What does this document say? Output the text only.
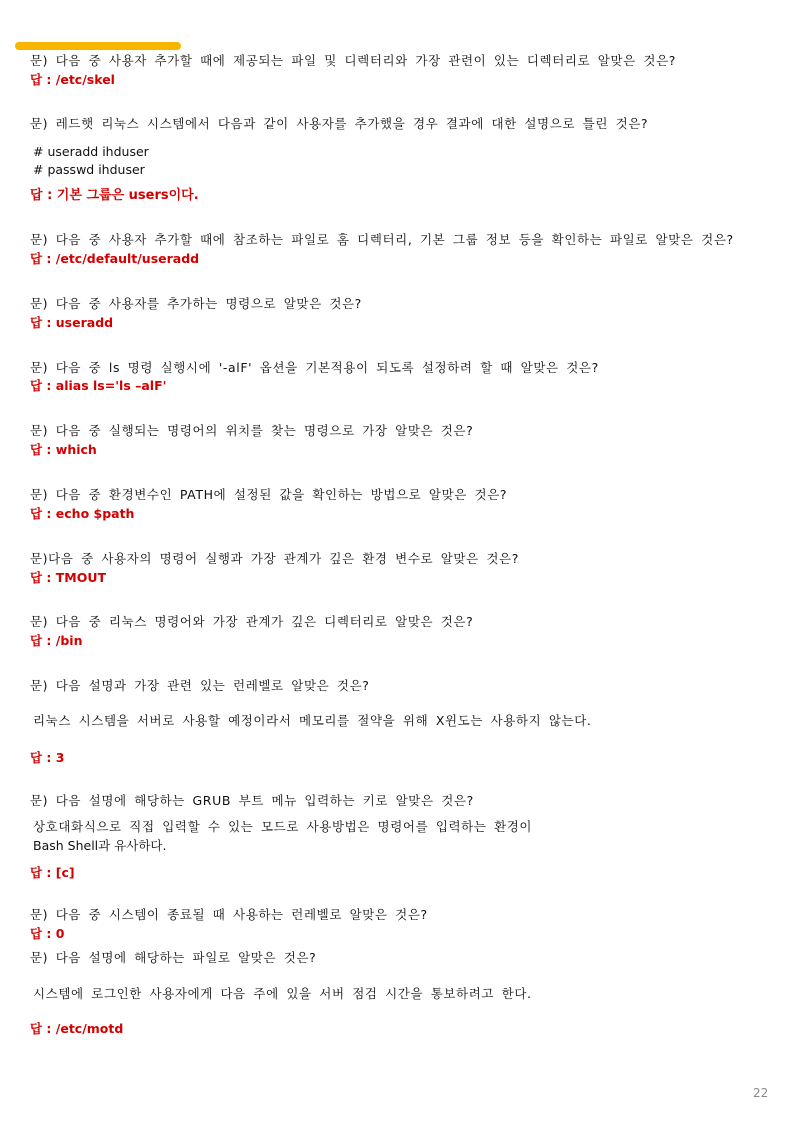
문) 다음 중 사용자 추가할 때에 제공되는 파일 및 디렉터리와 가장 관련이 있는 디렉터리로 알맞은 것은?
답 : /etc/skel
문) 레드햇 리눅스 시스템에서 다음과 같이 사용자를 추가했을 경우 결과에 대한 설명으로 틀린 것은?
# useradd ihduser
# passwd ihduser
답 : 기본 그룹은 users이다.
문) 다음 중 사용자 추가할 때에 참조하는 파일로 홈 디렉터리, 기본 그룹 정보 등을 확인하는 파일로 알맞은 것은?
답 : /etc/default/useradd
문) 다음 중 사용자를 추가하는 명령으로 알맞은 것은?
답 : useradd
문) 다음 중 ls 명령 실행시에 '-alF' 옵션을 기본적용이 되도록 설정하려 할 때 알맞은 것은?
답 : alias ls='ls –alF'
문) 다음 중 실행되는 명령어의 위치를 찾는 명령으로 가장 알맞은 것은?
답 : which
문) 다음 중 환경변수인 PATH에 설정된 값을 확인하는 방법으로 알맞은 것은?
답 : echo $path
문)다음 중 사용자의 명령어 실행과 가장 관계가 깊은 환경 변수로 알맞은 것은?
답 : TMOUT
문) 다음 중 리눅스 명령어와 가장 관계가 깊은 디렉터리로 알맞은 것은?
답 : /bin
문) 다음 설명과 가장 관련 있는 런레벨로 알맞은 것은?
리눅스 시스템을 서버로 사용할 예정이라서 메모리를 절약을 위해 X윈도는 사용하지 않는다.
답 : 3
문) 다음 설명에 해당하는 GRUB 부트 메뉴 입력하는 키로 알맞은 것은?
상호대화식으로 직접 입력할 수 있는 모드로 사용방법은 명령어를 입력하는 환경이
Bash Shell과 유사하다.
답 : [c]
문) 다음 중 시스템이 종료될 때 사용하는 런레벨로 알맞은 것은?
답 : 0
문) 다음 설명에 해당하는 파일로 알맞은 것은?
시스템에 로그인한 사용자에게 다음 주에 있을 서버 점검 시간을 통보하려고 한다.
답 : /etc/motd
22
